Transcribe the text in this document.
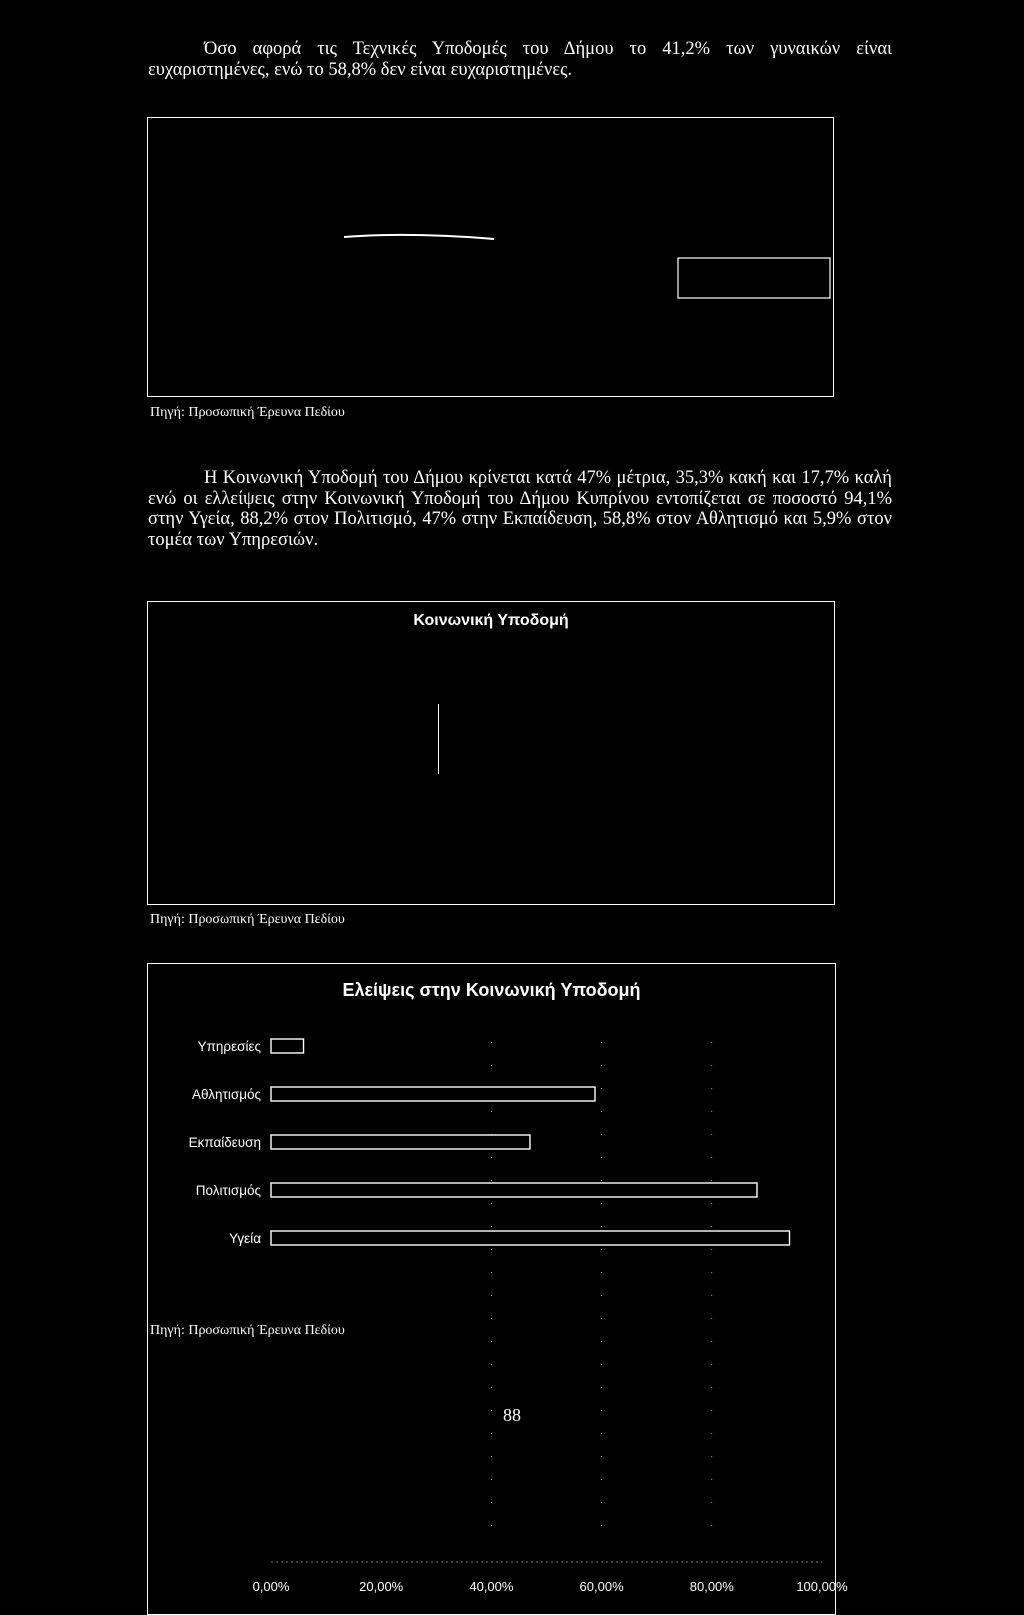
Όσο αφορά τις Τεχνικές Υποδομές του Δήμου το 41,2% των γυναικών είναι ευχαριστημένες, ενώ το 58,8% δεν είναι ευχαριστημένες.

Πηγή: Προσωπική Έρευνα Πεδίου

Η Κοινωνική Υποδομή του Δήμου κρίνεται κατά 47% μέτρια, 35,3% κακή και 17,7% καλή ενώ οι ελλείψεις στην Κοινωνική Υποδομή του Δήμου Κυπρίνου εντοπίζεται σε ποσοστό 94,1% στην Υγεία, 88,2% στον Πολιτισμό, 47% στην Εκπαίδευση, 58,8% στον Αθλητισμό και 5,9% στον τομέα των Υπηρεσιών.

Κοινωνική Υποδομή
Πηγή: Προσωπική Έρευνα Πεδίου
Ελείψεις στην Κοινωνική Υποδομή
Υπηρεσίες
Αθλητισμός
Εκπαίδευση
Πολιτισμός
Υγεία
0,00%	20,00%	40,00%	60,00%	80,00%	100,00%
Πηγή: Προσωπική Έρευνα Πεδίου
88
